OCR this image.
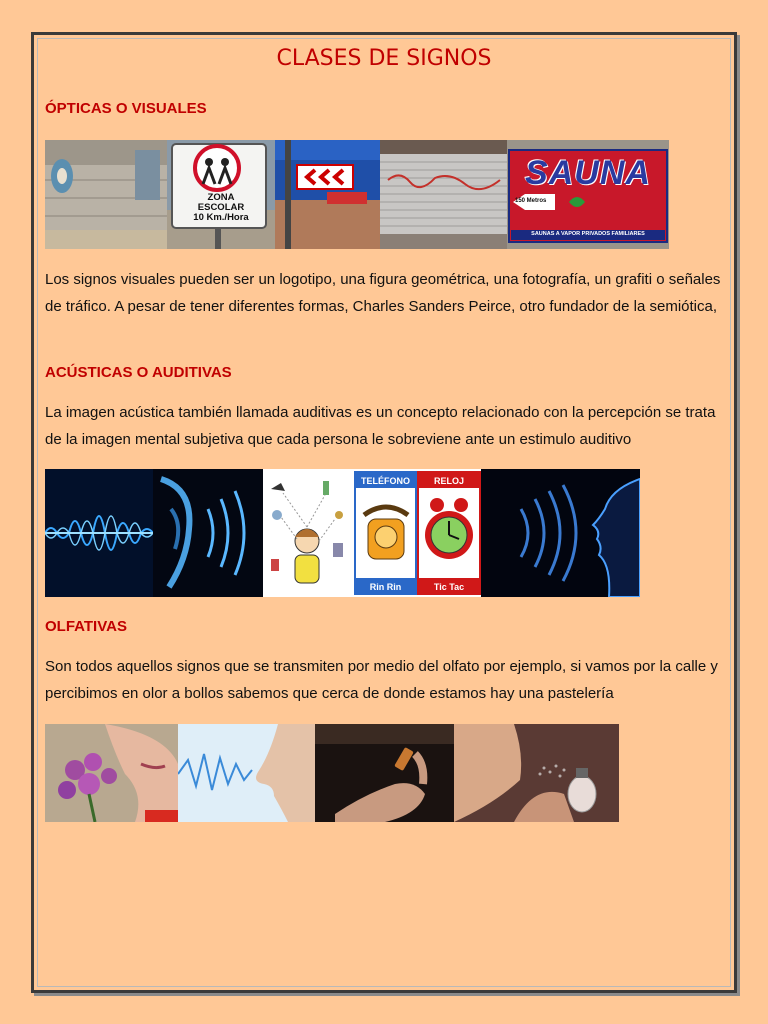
CLASES DE SIGNOS
ÓPTICAS O VISUALES
ZONA
ESCOLAR
10 Km./Hora
SAUNA
150 Metros
SAUNAS A VAPOR PRIVADOS FAMILIARES
Los signos visuales pueden ser un logotipo, una figura geométrica, una fotografía, un grafiti o señales de tráfico. A pesar de tener diferentes formas, Charles Sanders Peirce, otro fundador de la semiótica,
ACÚSTICAS O AUDITIVAS
La imagen acústica también llamada auditivas es un concepto relacionado con la percepción se trata de la imagen mental subjetiva que cada persona le sobreviene ante un estimulo auditivo
TELÉFONO
Rin Rin
RELOJ
Tic Tac
OLFATIVAS
Son todos aquellos signos que se transmiten por medio del olfato por ejemplo, si vamos por la calle y percibimos en olor a bollos sabemos que cerca de donde estamos hay una pastelería
